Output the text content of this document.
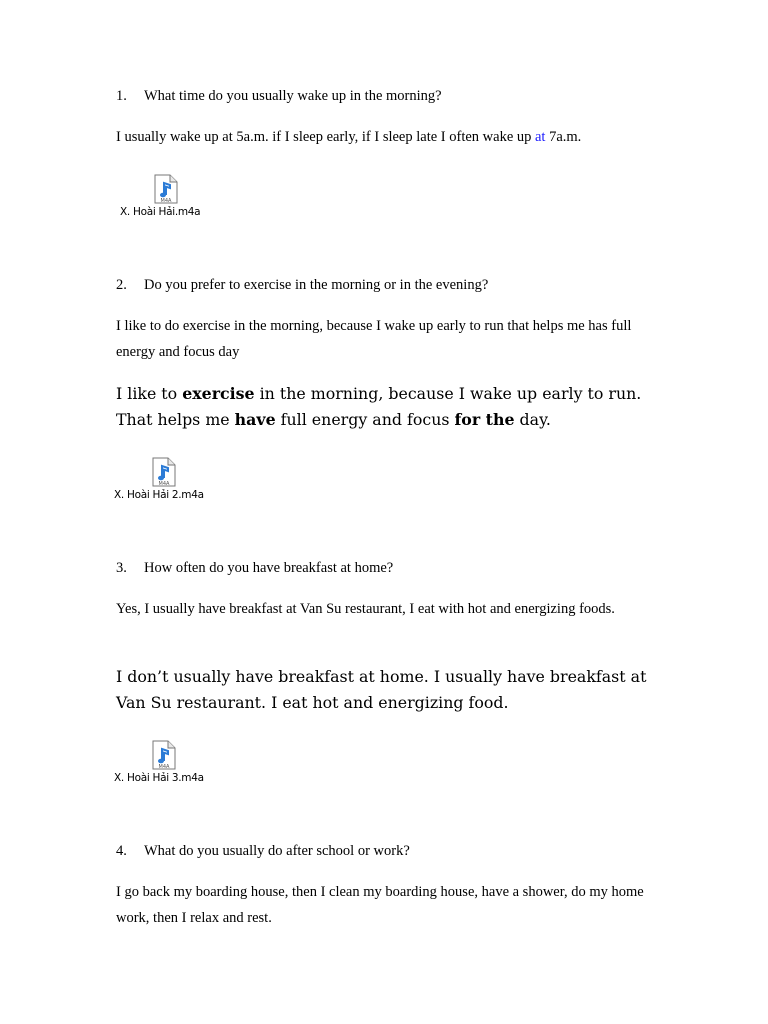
1. What time do you usually wake up in the morning?
I usually wake up at 5a.m. if I sleep early, if I sleep late I often wake up at 7a.m.
M4A
X. Hoài Hải.m4a
2. Do you prefer to exercise in the morning or in the evening?
I like to do exercise in the morning, because I wake up early to run that helps me has full energy and focus day
I like to exercise in the morning, because I wake up early to run. That helps me have full energy and focus for the day.
M4A
X. Hoài Hải 2.m4a
3. How often do you have breakfast at home?
Yes, I usually have breakfast at Van Su restaurant, I eat with hot and energizing foods.
I don’t usually have breakfast at home. I usually have breakfast at Van Su restaurant. I eat hot and energizing food.
M4A
X. Hoài Hải 3.m4a
4. What do you usually do after school or work?
I go back my boarding house, then I clean my boarding house, have a shower, do my home work, then I relax and rest.
